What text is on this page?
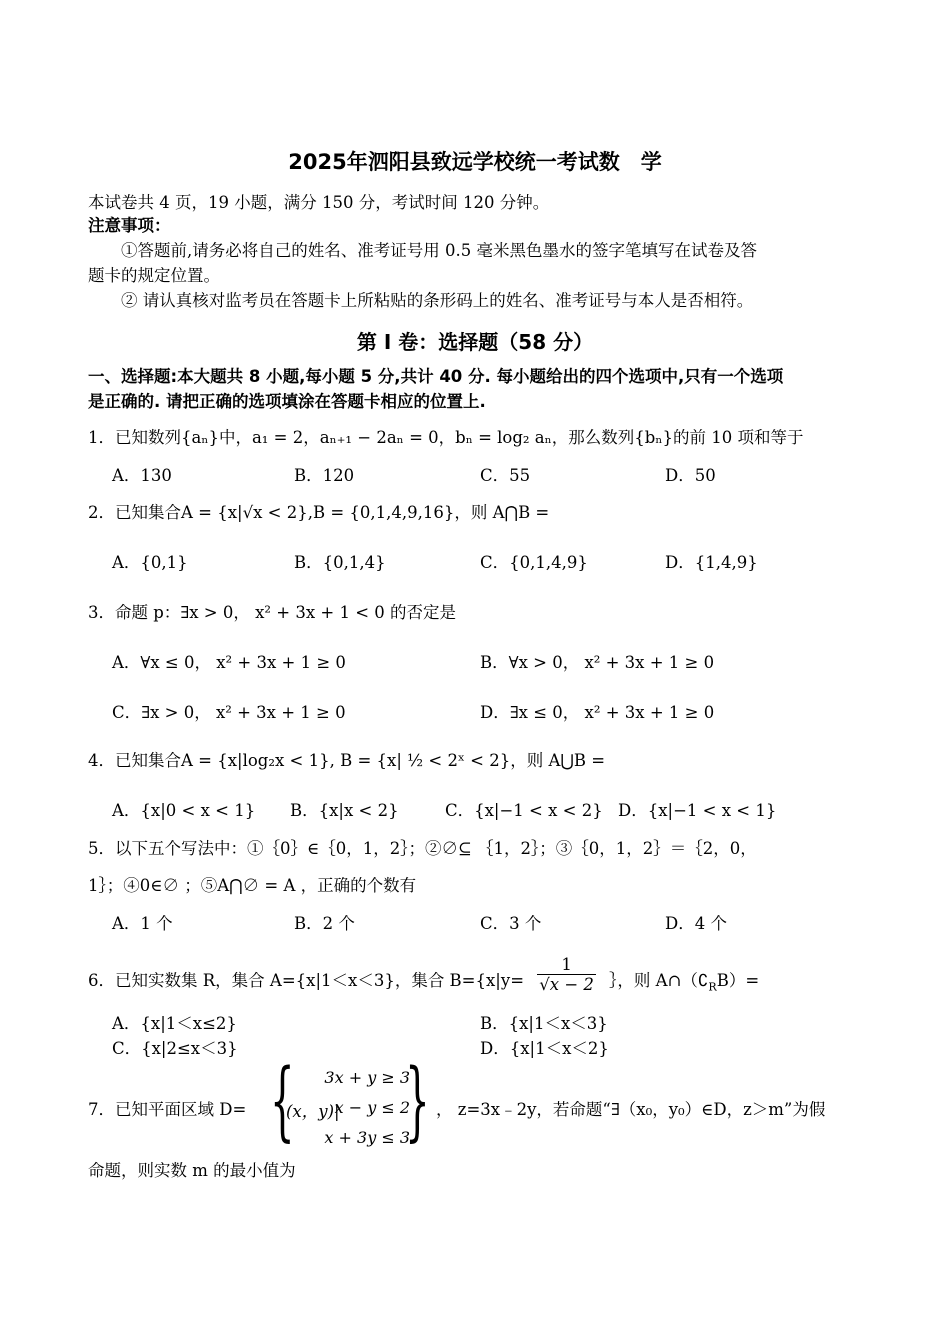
2025年泗阳县致远学校统一考试数　学
本试卷共 4 页，19 小题，满分 150 分，考试时间 120 分钟。
注意事项：
①答题前,请务必将自己的姓名、准考证号用 0.5 毫米黑色墨水的签字笔填写在试卷及答
题卡的规定位置。
② 请认真核对监考员在答题卡上所粘贴的条形码上的姓名、准考证号与本人是否相符。
第 I 卷：选择题（58 分）
一、选择题:本大题共 8 小题,每小题 5 分,共计 40 分. 每小题给出的四个选项中,只有一个选项
是正确的. 请把正确的选项填涂在答题卡相应的位置上.
1．已知数列{aₙ}中，a₁ = 2，aₙ₊₁ − 2aₙ = 0，bₙ = log₂ aₙ，那么数列{bₙ}的前 10 项和等于
A．130	B．120	C．55	D．50
2．已知集合A = {x|√x < 2},B = {0,1,4,9,16}，则 A⋂B =
A．{0,1}	B．{0,1,4}	C．{0,1,4,9}	D．{1,4,9}
3．命题 p：∃x > 0， x² + 3x + 1 < 0 的否定是
A．∀x ≤ 0， x² + 3x + 1 ≥ 0	B．∀x > 0， x² + 3x + 1 ≥ 0
C．∃x > 0， x² + 3x + 1 ≥ 0	D．∃x ≤ 0， x² + 3x + 1 ≥ 0
4．已知集合A = {x|log₂x < 1}, B = {x| ½ < 2ˣ < 2}，则 A⋃B =
A．{x|0 < x < 1} B．{x|x < 2}	C．{x|−1 < x < 2} D．{x|−1 < x < 1}
5．以下五个写法中：①｛0｝∈｛0，1，2｝；②∅⊆ ｛1，2｝；③｛0，1，2｝＝｛2，0，
1｝；④0∈∅ ；⑤A⋂∅ = A ，正确的个数有
A．1 个	B．2 个	C．3 个	D．4 个
6．已知实数集 R，集合 A={x|1＜x＜3}，集合 $B=\{x|y= \frac{1}{√x - 2}$ ｝，则 $A\cap(∁_RB)=$
A．{x|1＜x≤2}	B．{x|1＜x＜3}
C．{x|2≤x＜3}	D．{x|1＜x＜2}
7．已知平面区域 D= {
(x，y)|
3x + y ≥ 3
x − y ≤ 2
x + 3y ≤ 3
} ， z=3x﹣2y，若命题“∃（x₀，y₀）∈D，z＞m”为假
命题，则实数 m 的最小值为
